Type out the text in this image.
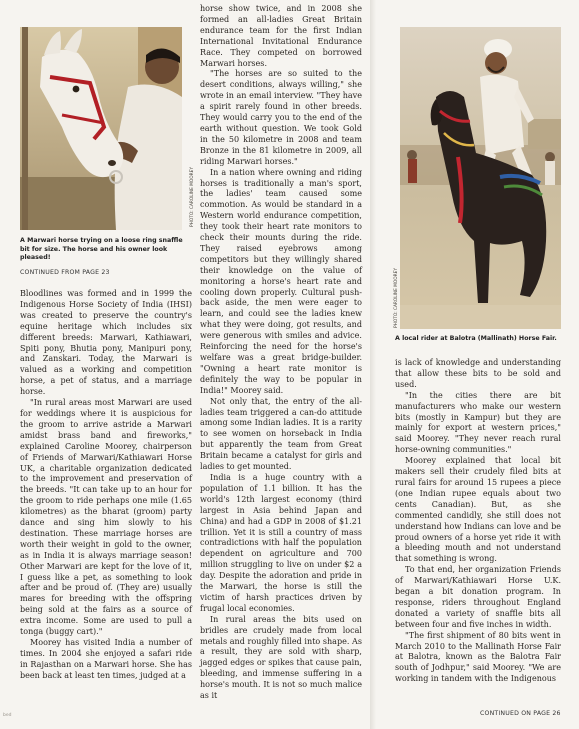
PHOTO: CAROLINE MOOREY
A Marwari horse trying on a loose ring snaffle bit for size. The horse and his owner look pleased!
CONTINUED FROM PAGE 23

Bloodlines was formed and in 1999 the Indigenous Horse Society of India (IHSI) was created to preserve the country's equine heritage which includes six different breeds: Marwari, Kathiawari, Spiti pony, Bhutia pony, Manipuri pony, and Zanskari. Today, the Marwari is valued as a working and competition horse, a pet of status, and a marriage horse.

"In rural areas most Marwari are used for weddings where it is auspicious for the groom to arrive astride a Marwari amidst brass band and fireworks," explained Caroline Moorey, chairperson of Friends of Marwari/Kathiawari Horse UK, a charitable organization dedicated to the improvement and preservation of the breeds. "It can take up to an hour for the groom to ride perhaps one mile (1.65 kilometres) as the bharat (groom) party dance and sing him slowly to his destination. These marriage horses are worth their weight in gold to the owner, as in India it is always marriage season! Other Marwari are kept for the love of it, I guess like a pet, as something to look after and be proud of. (They are) usually mares for breeding with the offspring being sold at the fairs as a source of extra income. Some are used to pull a tonga (buggy cart)."

Moorey has visited India a number of times. In 2004 she enjoyed a safari ride in Rajasthan on a Marwari horse. She has been back at least ten times, judged at a

horse show twice, and in 2008 she formed an all-ladies Great Britain endurance team for the first Indian International Invitational Endurance Race. They competed on borrowed Marwari horses.

"The horses are so suited to the desert conditions, always willing," she wrote in an email interview. "They have a spirit rarely found in other breeds. They would carry you to the end of the earth without question. We took Gold in the 50 kilometre in 2008 and team Bronze in the 81 kilometre in 2009, all riding Marwari horses."

In a nation where owning and riding horses is traditionally a man's sport, the ladies' team caused some commotion. As would be standard in a Western world endurance competition, they took their heart rate monitors to check their mounts during the ride. They raised eyebrows among competitors but they willingly shared their knowledge on the value of monitoring a horse's heart rate and cooling down properly. Cultural push-back aside, the men were eager to learn, and could see the ladies knew what they were doing, got results, and were generous with smiles and advice. Reinforcing the need for the horse's welfare was a great bridge-builder. "Owning a heart rate monitor is definitely the way to be popular in India!" Moorey said.

Not only that, the entry of the all-ladies team triggered a can-do attitude among some Indian ladies. It is a rarity to see women on horseback in India but apparently the team from Great Britain became a catalyst for girls and ladies to get mounted.

India is a huge country with a population of 1.1 billion. It has the world's 12th largest economy (third largest in Asia behind Japan and China) and had a GDP in 2008 of $1.21 trillion. Yet it is still a country of mass contradictions with half the population dependent on agriculture and 700 million struggling to live on under $2 a day. Despite the adoration and pride in the Marwari, the horse is still the victim of harsh practices driven by frugal local economies.

In rural areas the bits used on bridles are crudely made from local metals and roughly filled into shape. As a result, they are sold with sharp, jagged edges or spikes that cause pain, bleeding, and immense suffering in a horse's mouth. It is not so much malice as it

PHOTO: CAROLINE MOOREY
A local rider at Balotra (Mallinath) Horse Fair.

is lack of knowledge and understanding that allow these bits to be sold and used.

"In the cities there are bit manufacturers who make our western bits (mostly in Kampur) but they are mainly for export at western prices," said Moorey. "They never reach rural horse-owning communities."

Moorey explained that local bit makers sell their crudely filed bits at rural fairs for around 15 rupees a piece (one Indian rupee equals about two cents Canadian). But, as she commented candidly, she still does not understand how Indians can love and be proud owners of a horse yet ride it with a bleeding mouth and not understand that something is wrong.

To that end, her organization Friends of Marwari/Kathiawari Horse U.K. began a bit donation program. In response, riders throughout England donated a variety of snaffle bits all between four and five inches in width.

"The first shipment of 80 bits went in March 2010 to the Mallinath Horse Fair at Balotra, known as the Balotra Fair south of Jodhpur," said Moorey. "We are working in tandem with the Indigenous

CONTINUED ON PAGE 26
bed
